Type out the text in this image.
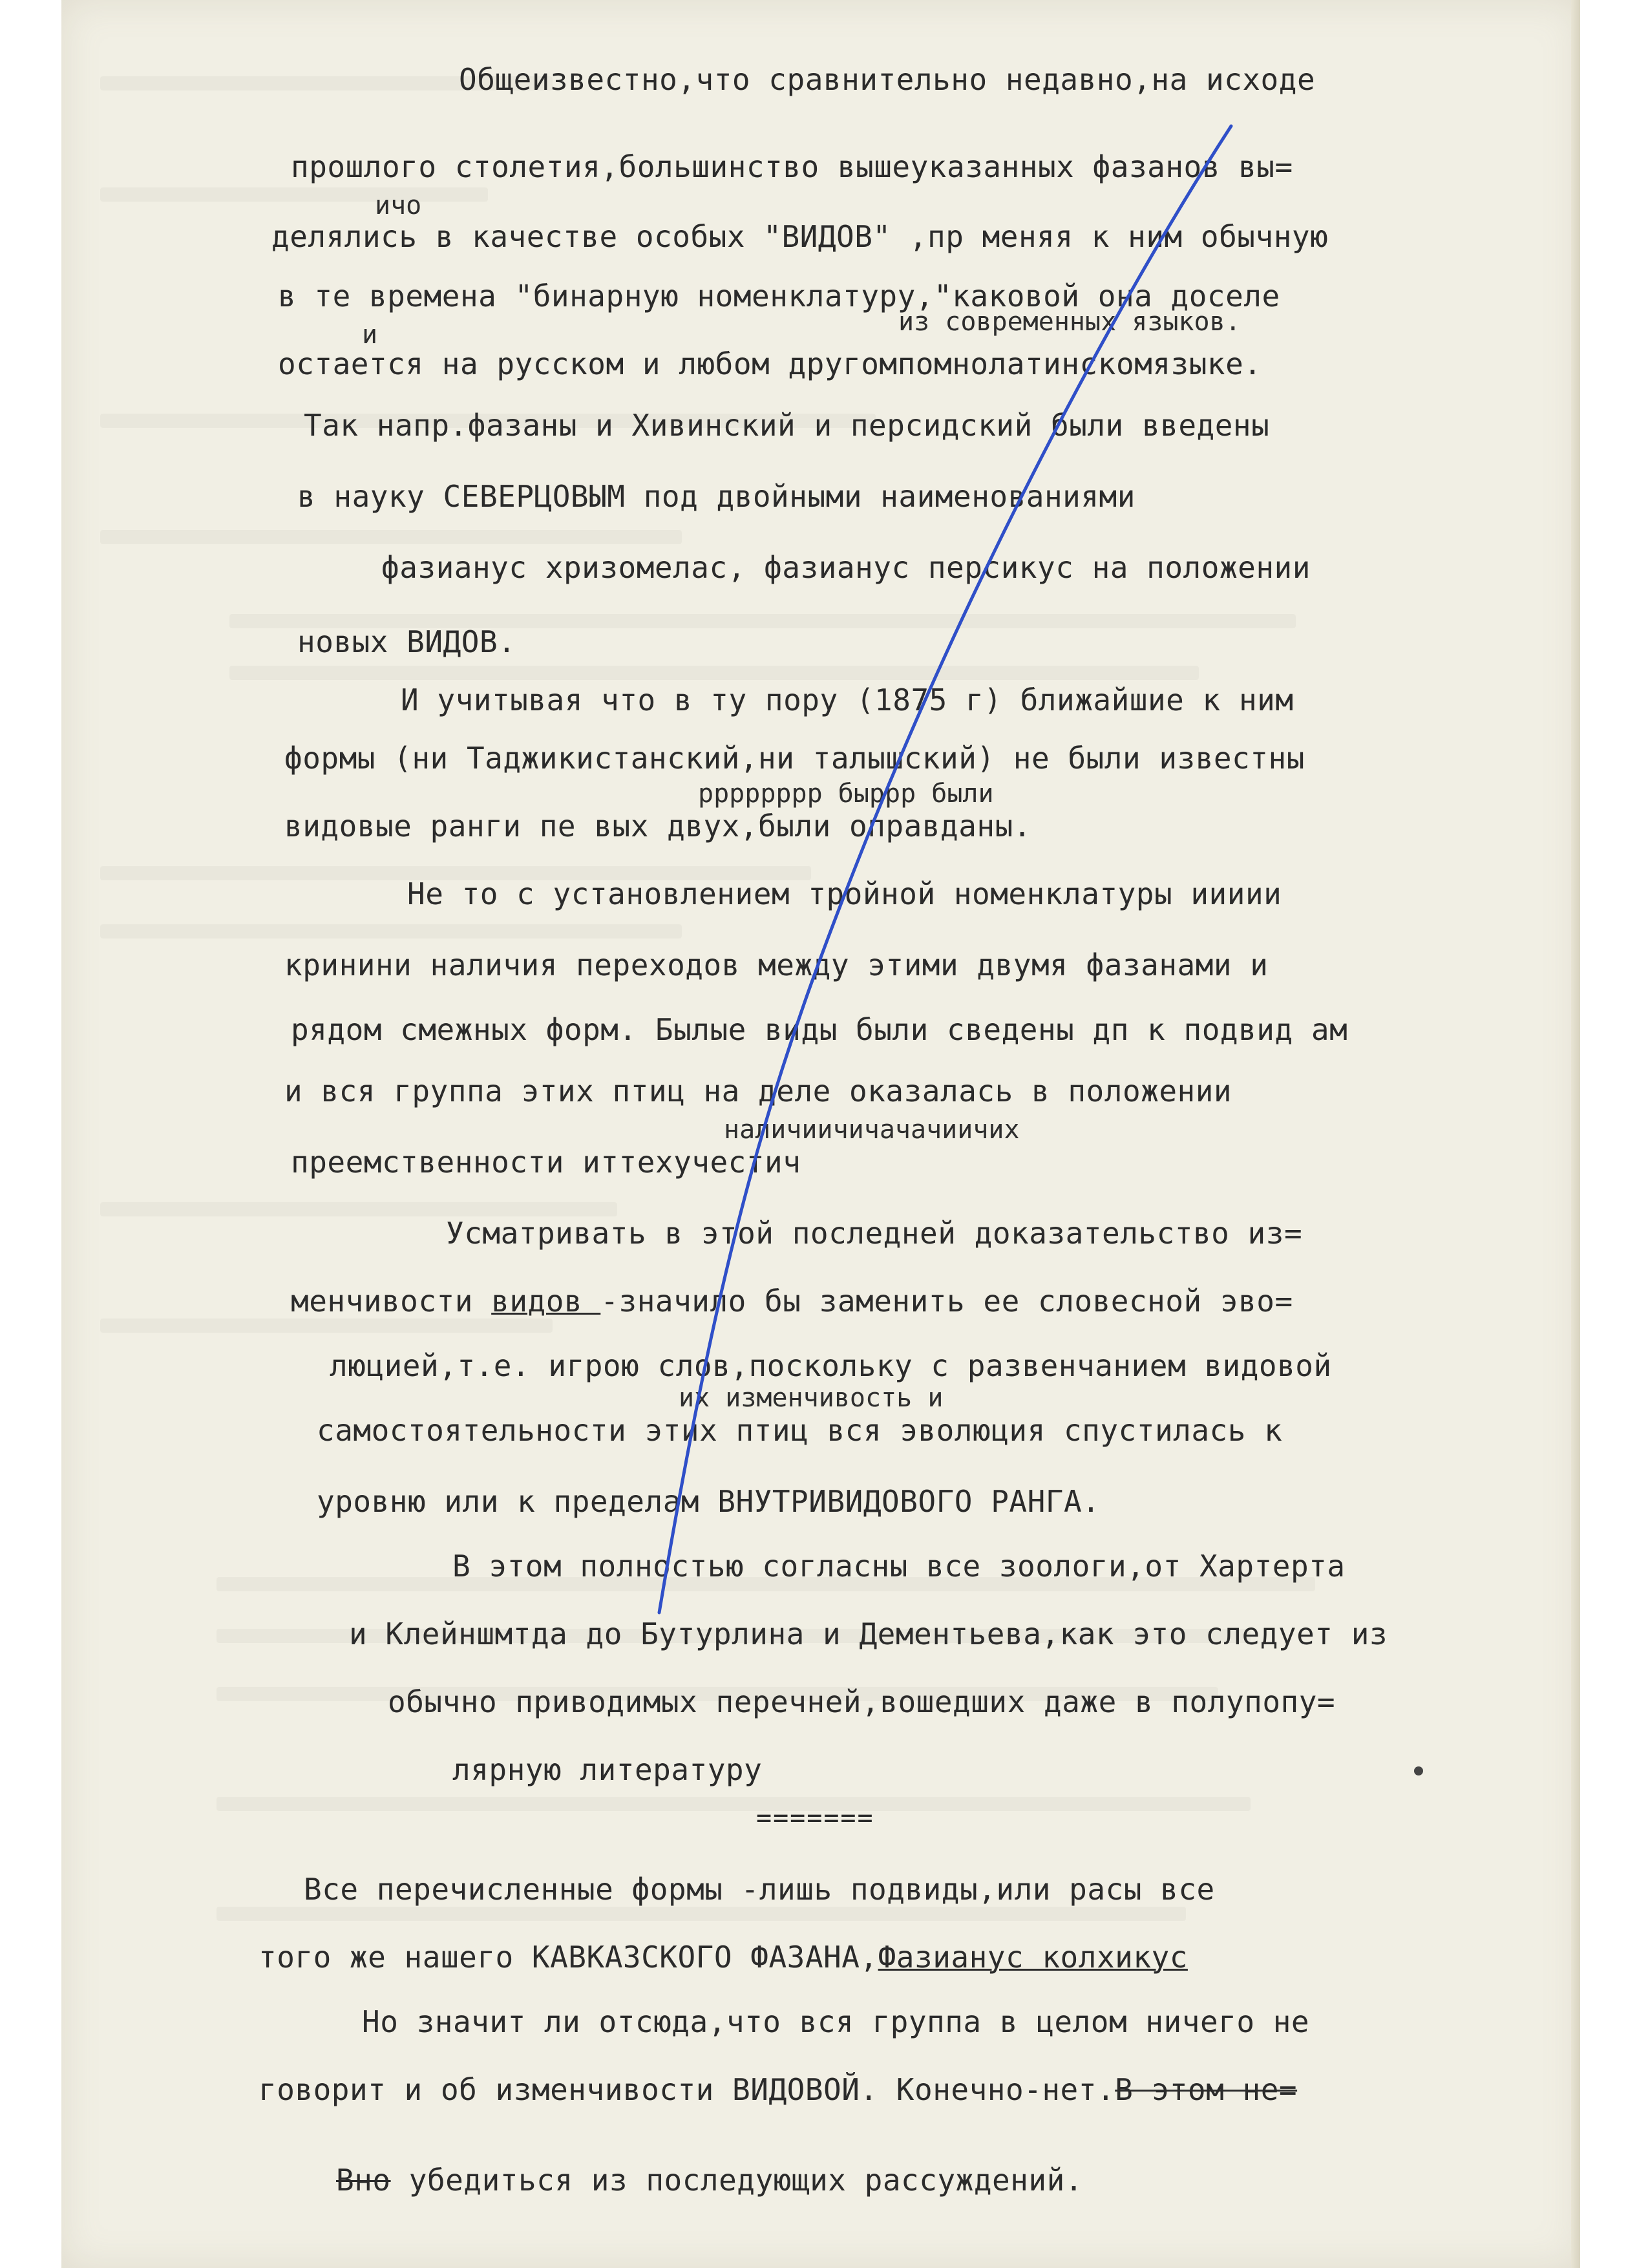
Общеизвестно,что сравнительно недавно,на исходе
прошлого столетия,большинство вышеуказанных фазанов вы=
ичо
делялись в качестве особых "ВИДОВ" ,пр меняя к ним обычную
в те времена "бинарную номенклатуру,"каковой она доселе
и	из современных языков.
остается на русском и любом другомпомнолатинскомязыке.
Так напр.фазаны и Хивинский и персидский были введены
в науку СЕВЕРЦОВЫМ под двойными наименованиями
фазианус хризомелас, фазианус персикус на положении
новых ВИДОВ.
И учитывая что в ту пору (1875 г) ближайшие к ним
формы (ни Таджикистанский,ни талышский) не были известны
рррррррр быррр были
видовые ранги пе вых двух,были оправданы.
Не то с установлением тройной номенклатуры иииии
кринини наличия переходов между этими двумя фазанами и
рядом смежных форм. Былые виды были сведены дп к подвид ам
и вся группа этих птиц на деле оказалась в положении
наличиичичачачиичих
преемственности иттехучестич
Усматривать в этой последней доказательство из=
менчивости видов -значило бы заменить ее словесной эво=
люцией,т.е. игрою слов,поскольку с развенчанием видовой
их изменчивость и
самостоятельности этих птиц вся эволюция спустилась к
уровню или к пределам ВНУТРИВИДОВОГО РАНГА.
В этом полностью согласны все зоологи,от Хартерта
и Клейншмтда до Бутурлина и Дементьева,как это следует из
обычно приводимых перечней,вошедших даже в полупопу=
лярную литературу
=======
Все перечисленные формы -лишь подвиды,или расы все
того же нашего КАВКАЗСКОГО ФАЗАНА,Фазианус колхикус
Но значит ли отсюда,что вся группа в целом ничего не
говорит и об изменчивости ВИДОВОЙ. Конечно-нет.В этом не=
Вно убедиться из последующих рассуждений.
